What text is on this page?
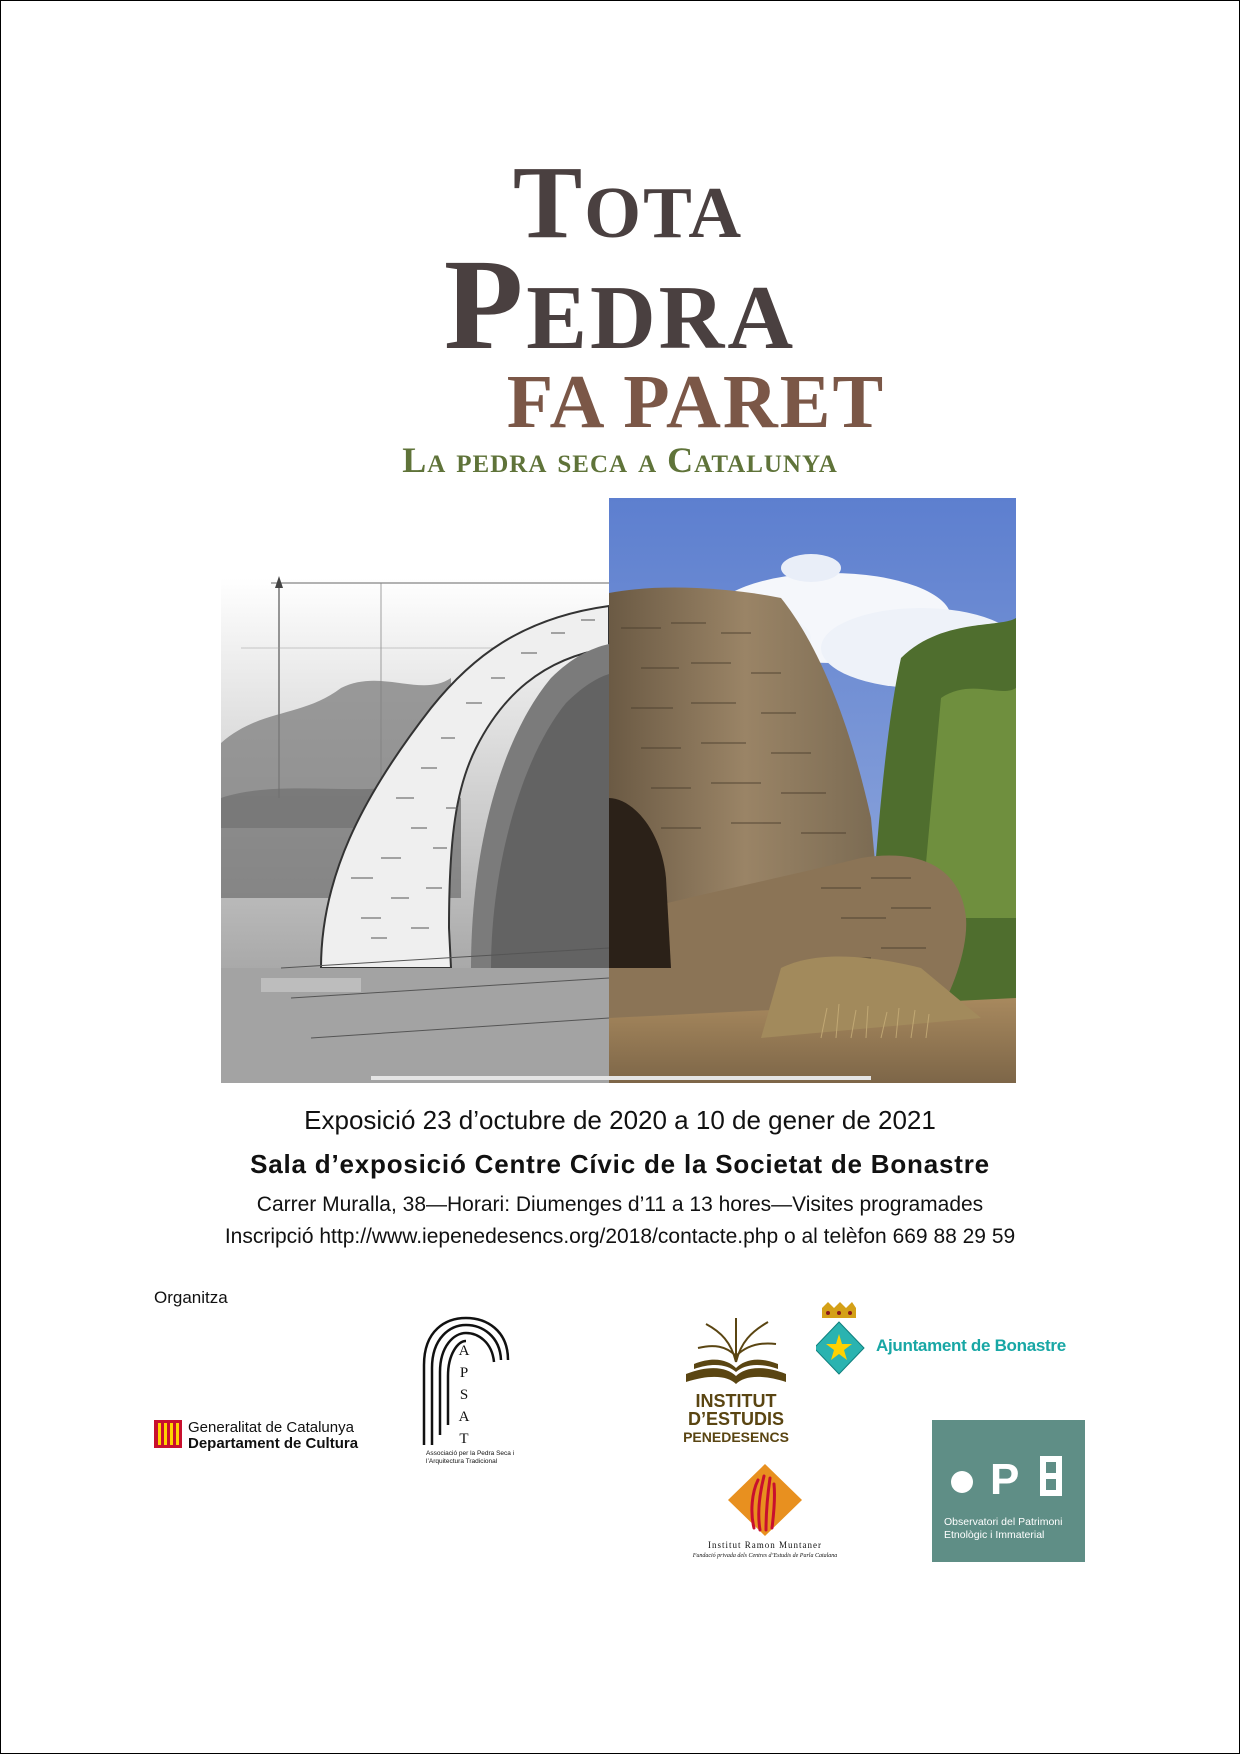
Tota
Pedra
FA PARET
La pedra seca a Catalunya
Exposició 23 d’octubre de 2020 a 10 de gener de 2021
Sala d’exposició Centre Cívic de la Societat de Bonastre
Carrer Muralla, 38—Horari: Diumenges d’11 a 13 hores—Visites programades
Inscripció http://www.iepenedesencs.org/2018/contacte.php o al telèfon 669 88 29 59
Organitza
Generalitat de Catalunya
Departament de Cultura
A
P
S
A
T
Associació per la Pedra Seca i l’Arquitectura Tradicional
INSTITUT
D’ESTUDIS
PENEDESENCS
Institut Ramon Muntaner
Fundació privada dels Centres d’Estudis de Parla Catalana
Ajuntament de Bonastre
P
Observatori del Patrimoni Etnològic i Immaterial
